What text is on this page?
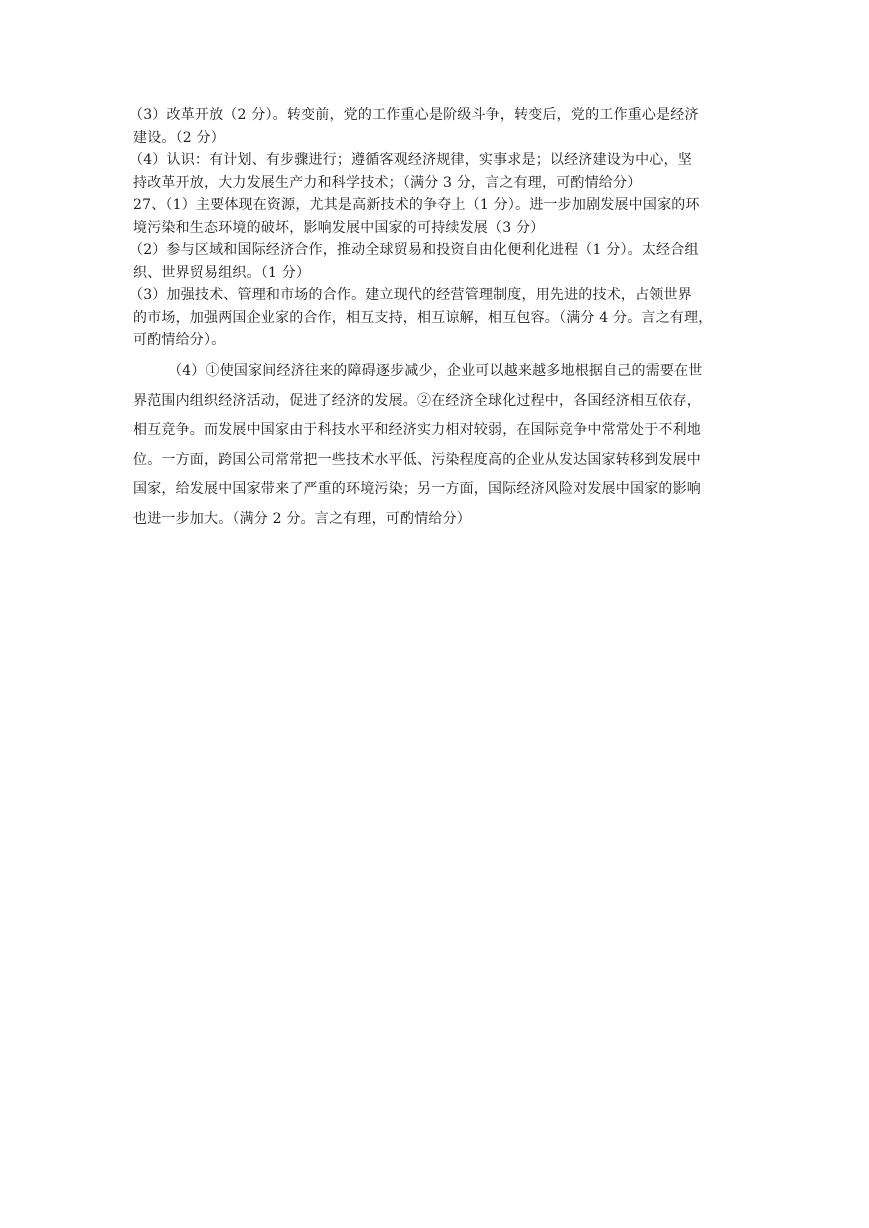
（3）改革开放（2 分）。转变前，党的工作重心是阶级斗争，转变后，党的工作重心是经济
建设。（2 分）
（4）认识：有计划、有步骤进行；遵循客观经济规律，实事求是；以经济建设为中心，坚
持改革开放，大力发展生产力和科学技术；（满分 3 分，言之有理，可酌情给分）
27、（1）主要体现在资源，尤其是高新技术的争夺上（1 分）。进一步加剧发展中国家的环
境污染和生态环境的破坏，影响发展中国家的可持续发展（3 分）
（2）参与区域和国际经济合作，推动全球贸易和投资自由化便利化进程（1 分）。太经合组
织、世界贸易组织。（1 分）
（3）加强技术、管理和市场的合作。建立现代的经营管理制度，用先进的技术，占领世界
的市场，加强两国企业家的合作，相互支持，相互谅解，相互包容。（满分 4 分。言之有理，
可酌情给分）。
（4）①使国家间经济往来的障碍逐步减少，企业可以越来越多地根据自己的需要在世
界范围内组织经济活动，促进了经济的发展。②在经济全球化过程中，各国经济相互依存，
相互竞争。而发展中国家由于科技水平和经济实力相对较弱，在国际竞争中常常处于不利地
位。一方面，跨国公司常常把一些技术水平低、污染程度高的企业从发达国家转移到发展中
国家，给发展中国家带来了严重的环境污染；另一方面，国际经济风险对发展中国家的影响
也进一步加大。（满分 2 分。言之有理，可酌情给分）
